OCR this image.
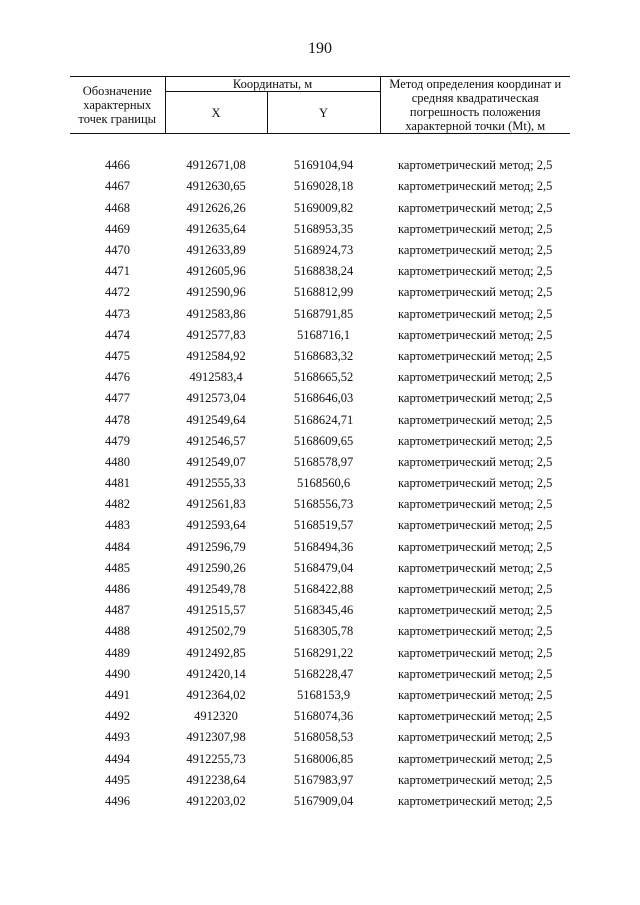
190
Обозначение характерных точек границы	Координаты, м		Метод определения координат и средняя квадратическая погрешность положения характерной точки (Mt), м
	X	Y	

4466	4912671,08	5169104,94	картометрический метод; 2,5
4467	4912630,65	5169028,18	картометрический метод; 2,5
4468	4912626,26	5169009,82	картометрический метод; 2,5
4469	4912635,64	5168953,35	картометрический метод; 2,5
4470	4912633,89	5168924,73	картометрический метод; 2,5
4471	4912605,96	5168838,24	картометрический метод; 2,5
4472	4912590,96	5168812,99	картометрический метод; 2,5
4473	4912583,86	5168791,85	картометрический метод; 2,5
4474	4912577,83	5168716,1	картометрический метод; 2,5
4475	4912584,92	5168683,32	картометрический метод; 2,5
4476	4912583,4	5168665,52	картометрический метод; 2,5
4477	4912573,04	5168646,03	картометрический метод; 2,5
4478	4912549,64	5168624,71	картометрический метод; 2,5
4479	4912546,57	5168609,65	картометрический метод; 2,5
4480	4912549,07	5168578,97	картометрический метод; 2,5
4481	4912555,33	5168560,6	картометрический метод; 2,5
4482	4912561,83	5168556,73	картометрический метод; 2,5
4483	4912593,64	5168519,57	картометрический метод; 2,5
4484	4912596,79	5168494,36	картометрический метод; 2,5
4485	4912590,26	5168479,04	картометрический метод; 2,5
4486	4912549,78	5168422,88	картометрический метод; 2,5
4487	4912515,57	5168345,46	картометрический метод; 2,5
4488	4912502,79	5168305,78	картометрический метод; 2,5
4489	4912492,85	5168291,22	картометрический метод; 2,5
4490	4912420,14	5168228,47	картометрический метод; 2,5
4491	4912364,02	5168153,9	картометрический метод; 2,5
4492	4912320	5168074,36	картометрический метод; 2,5
4493	4912307,98	5168058,53	картометрический метод; 2,5
4494	4912255,73	5168006,85	картометрический метод; 2,5
4495	4912238,64	5167983,97	картометрический метод; 2,5
4496	4912203,02	5167909,04	картометрический метод; 2,5
